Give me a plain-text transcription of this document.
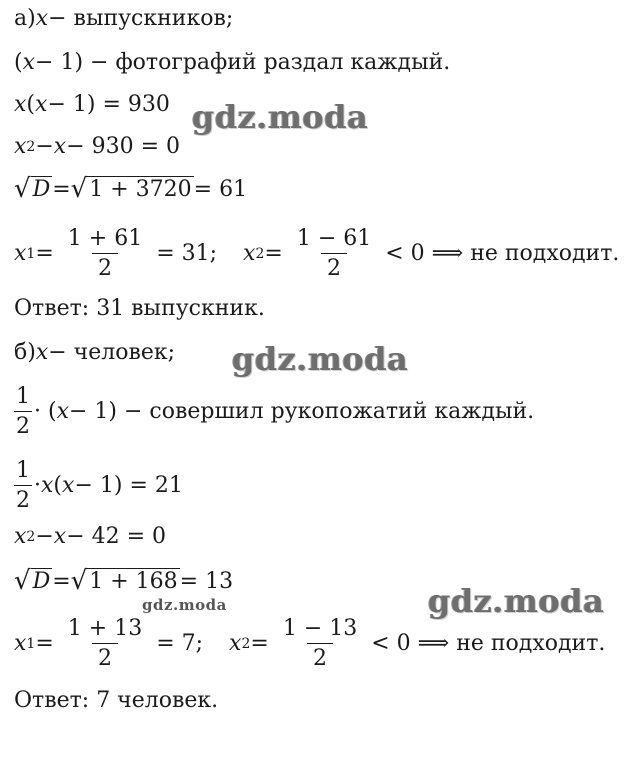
а) x − выпускников;
( x − 1) − фотографий раздал каждый.
x ( x − 1) = 930
x 2 − x − 930 = 0
√ D = √ 1 + 3720 = 61
x $1 = \frac{1 + 61}{2} = 31$; x $2 = \frac{1 - 61}{2} < 0$ ⟹ не подходит.
Ответ: 31 выпускник.
б) x − человек;
$\frac{1}{2}$ · ( x − 1) − совершил рукопожатий каждый.
$\frac{1}{2} \cdot x$ ( x − 1) = 21
x 2 − x − 42 = 0
√ D = √ 1 + 168 = 13
x $1 = \frac{1 + 13}{2} = 7$; x $2 = \frac{1 - 13}{2} < 0$ ⟹ не подходит.
Ответ: 7 человек.
gdz.moda
gdz.moda
gdz.moda	gdz.moda
